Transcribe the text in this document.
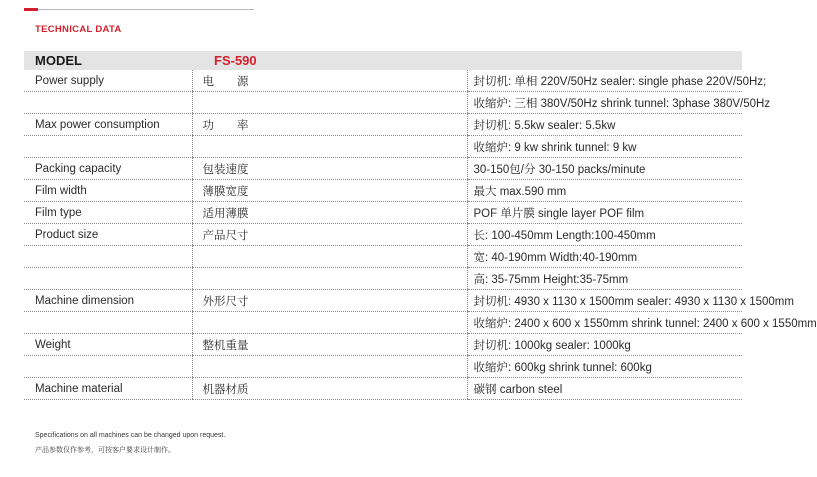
TECHNICAL DATA
MODEL	FS-590	
Power supply	电　　源	封切机: 单相 220V/50Hz sealer: single phase 220V/50Hz;
		收缩炉: 三相 380V/50Hz shrink tunnel: 3phase 380V/50Hz
Max power consumption	功　　率	封切机: 5.5kw sealer: 5.5kw
		收缩炉: 9 kw shrink tunnel: 9 kw
Packing capacity	包装速度	30-150包/分 30-150 packs/minute
Film width	薄膜宽度	最大 max.590 mm
Film type	适用薄膜	POF 单片膜 single layer POF film
Product size	产品尺寸	长: 100-450mm Length:100-450mm
		宽: 40-190mm Width:40-190mm
		高: 35-75mm Height:35-75mm
Machine dimension	外形尺寸	封切机: 4930 x 1130 x 1500mm sealer: 4930 x 1130 x 1500mm
		收缩炉: 2400 x 600 x 1550mm shrink tunnel: 2400 x 600 x 1550mm
Weight	整机重量	封切机: 1000kg sealer: 1000kg
		收缩炉: 600kg shrink tunnel: 600kg
Machine material	机器材质	碳钢 carbon steel
Specifications on all machines can be changed upon request.
产品参数仅作参考，可按客户要求设计制作。
